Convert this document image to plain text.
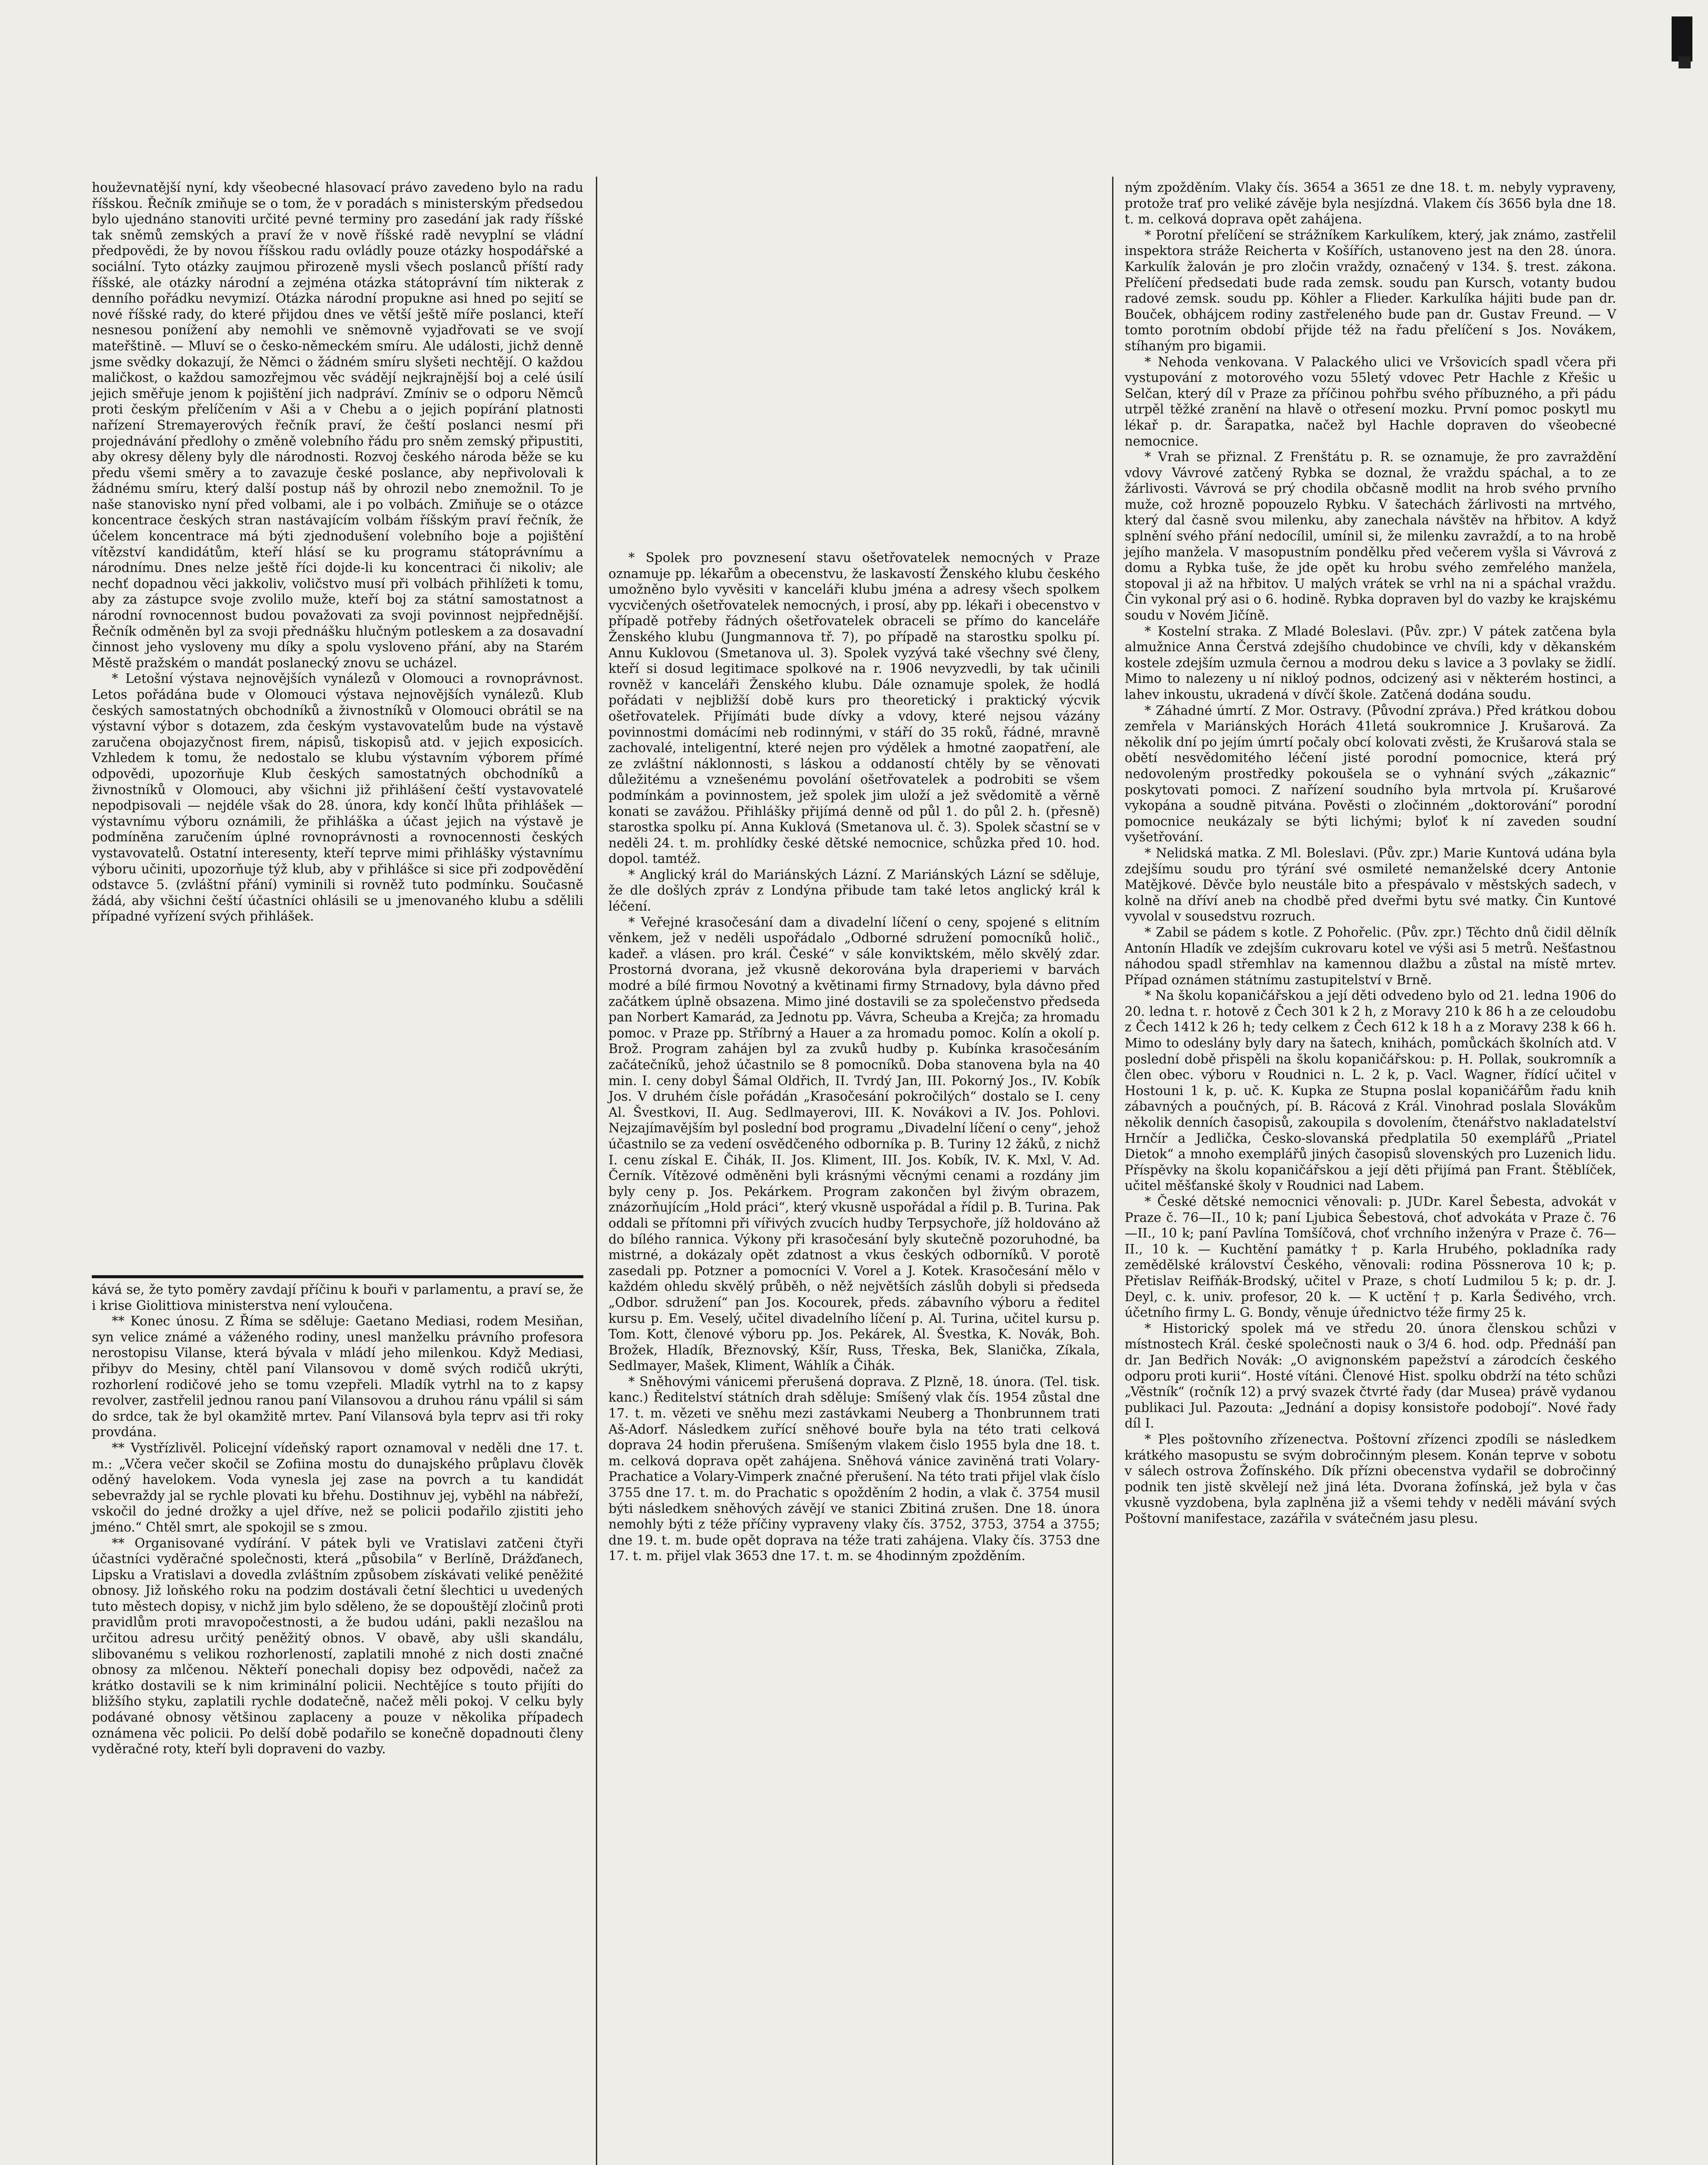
houževnatější nyní, kdy všeobecné hlasovací právo zavedeno bylo na radu říšskou. Řečník zmiňuje se o tom, že v poradách s ministerským předsedou bylo ujednáno stanoviti určité pevné terminy pro zasedání jak rady říšské tak sněmů zemských a praví že v nově říšské radě nevyplní se vládní předpovědi, že by novou říšskou radu ovládly pouze otázky hospodářské a sociální. Tyto otázky zaujmou přirozeně mysli všech poslanců příští rady říšské, ale otázky národní a zejména otázka státoprávní tím nikterak z denního pořádku nevymizí. Otázka národní propukne asi hned po sejití se nové říšské rady, do které přijdou dnes ve větší ještě míře poslanci, kteří nesnesou ponížení aby nemohli ve sněmovně vyjadřovati se ve svojí mateřštině. — Mluví se o česko-německém smíru. Ale události, jichž denně jsme svědky dokazují, že Němci o žádném smíru slyšeti nechtějí. O každou maličkost, o každou samozřejmou věc svádějí nejkrajnější boj a celé úsilí jejich směřuje jenom k pojištění jich nadpráví. Zmíniv se o odporu Němců proti českým přelíčením v Aši a v Chebu a o jejich popírání platnosti nařízení Stremayerových řečník praví, že čeští poslanci nesmí při projednávání předlohy o změně volebního řádu pro sněm zemský připustiti, aby okresy děleny byly dle národnosti. Rozvoj českého národa běže se ku předu všemi směry a to zavazuje české poslance, aby nepřivolovali k žádnému smíru, který další postup náš by ohrozil nebo znemožnil. To je naše stanovisko nyní před volbami, ale i po volbách. Zmiňuje se o otázce koncentrace českých stran nastávajícím volbám říšským praví řečník, že účelem koncentrace má býti zjednodušení volebního boje a pojištění vítězství kandidátům, kteří hlásí se ku programu státoprávnímu a národnímu. Dnes nelze ještě říci dojde-li ku koncentraci či nikoliv; ale nechť dopadnou věci jakkoliv, voličstvo musí při volbách přihlížeti k tomu, aby za zástupce svoje zvolilo muže, kteří boj za státní samostatnost a národní rovnocennost budou považovati za svoji povinnost nejpřednější. Řečník odměněn byl za svoji přednášku hlučným potleskem a za dosavadní činnost jeho vysloveny mu díky a spolu vysloveno přání, aby na Starém Městě pražském o mandát poslanecký znovu se ucházel.

* Letošní výstava nejnovějších vynálezů v Olomouci a rovnoprávnost. Letos pořádána bude v Olomouci výstava nejnovějších vynálezů. Klub českých samostatných obchodníků a živnostníků v Olomouci obrátil se na výstavní výbor s dotazem, zda českým vystavovatelům bude na výstavě zaručena obojazyčnost firem, nápisů, tiskopisů atd. v jejich exposicích. Vzhledem k tomu, že nedostalo se klubu výstavním výborem přímé odpovědi, upozorňuje Klub českých samostatných obchodníků a živnostníků v Olomouci, aby všichni již přihlášení čeští vystavovatelé nepodpisovali — nejdéle však do 28. února, kdy končí lhůta přihlášek — výstavnímu výboru oznámili, že přihláška a účast jejich na výstavě je podmíněna zaručením úplné rovnoprávnosti a rovnocennosti českých vystavovatelů. Ostatní interesenty, kteří teprve mimi přihlášky výstavnímu výboru učiniti, upozorňuje týž klub, aby v přihlášce si sice při zodpovědění odstavce 5. (zvláštní přání) vyminili si rovněž tuto podmínku. Současně žádá, aby všichni čeští účastníci ohlásili se u jmenovaného klubu a sdělili případné vyřízení svých přihlášek.

kává se, že tyto poměry zavdají příčinu k bouři v parlamentu, a praví se, že i krise Giolittiova ministerstva není vyloučena.

** Konec únosu. Z Říma se sděluje: Gaetano Mediasi, rodem Mesiňan, syn velice známé a váženého rodiny, unesl manželku právního profesora nerostopisu Vilanse, která bývala v mládí jeho milenkou. Když Mediasi, přibyv do Mesiny, chtěl paní Vilansovou v domě svých rodičů ukrýti, rozhorlení rodičové jeho se tomu vzepřeli. Mladík vytrhl na to z kapsy revolver, zastřelil jednou ranou paní Vilansovou a druhou ránu vpálil si sám do srdce, tak že byl okamžitě mrtev. Paní Vilansová byla teprv asi tři roky provdána.

** Vystřízlivěl. Policejní vídeňský raport oznamoval v neděli dne 17. t. m.: „Včera večer skočil se Zofiina mostu do dunajského průplavu člověk oděný havelokem. Voda vynesla jej zase na povrch a tu kandidát sebevraždy jal se rychle plovati ku břehu. Dostihnuv jej, vyběhl na nábřeží, vskočil do jedné drožky a ujel dříve, než se policii podařilo zjistiti jeho jméno.“ Chtěl smrt, ale spokojil se s zmou.

** Organisované vydírání. V pátek byli ve Vratislavi zatčeni čtyři účastníci vyděračné společnosti, která „působila“ v Berlíně, Drážďanech, Lipsku a Vratislavi a dovedla zvláštním způsobem získávati veliké peněžité obnosy. Již loňského roku na podzim dostávali četní šlechtici u uvedených tuto městech dopisy, v nichž jim bylo sděleno, že se dopouštějí zločinů proti pravidlům proti mravopočestnosti, a že budou udáni, pakli nezašlou na určitou adresu určitý peněžitý obnos. V obavě, aby ušli skandálu, slibovanému s velikou rozhorleností, zaplatili mnohé z nich dosti značné obnosy za mlčenou. Někteří ponechali dopisy bez odpovědi, načež za krátko dostavili se k nim kriminální policii. Nechtějíce s touto přijíti do bližšího styku, zaplatili rychle dodatečně, načež měli pokoj. V celku byly podávané obnosy většinou zaplaceny a pouze v několika případech oznámena věc policii. Po delší době podařilo se konečně dopadnouti členy vyděračné roty, kteří byli dopraveni do vazby.

* Spolek pro povznesení stavu ošetřovatelek nemocných v Praze oznamuje pp. lékařům a obecenstvu, že laskavostí Ženského klubu českého umožněno bylo vyvěsiti v kanceláři klubu jména a adresy všech spolkem vycvičených ošetřovatelek nemocných, i prosí, aby pp. lékaři i obecenstvo v případě potřeby řádných ošetřovatelek obraceli se přímo do kanceláře Ženského klubu (Jungmannova tř. 7), po případě na starostku spolku pí. Annu Kuklovou (Smetanova ul. 3). Spolek vyzývá také všechny své členy, kteří si dosud legitimace spolkové na r. 1906 nevyzvedli, by tak učinili rovněž v kanceláři Ženského klubu. Dále oznamuje spolek, že hodlá pořádati v nejbližší době kurs pro theoretický i praktický výcvik ošetřovatelek. Přijímáti bude dívky a vdovy, které nejsou vázány povinnostmi domácími neb rodinnými, v stáří do 35 roků, řádné, mravně zachovalé, inteligentní, které nejen pro výdělek a hmotné zaopatření, ale ze zvláštní náklonnosti, s láskou a oddaností chtěly by se věnovati důležitému a vznešenému povolání ošetřovatelek a podrobiti se všem podmínkám a povinnostem, jež spolek jim uloží a jež svědomitě a věrně konati se zavážou. Přihlášky přijímá denně od půl 1. do půl 2. h. (přesně) starostka spolku pí. Anna Kuklová (Smetanova ul. č. 3). Spolek sčastní se v neděli 24. t. m. prohlídky české dětské nemocnice, schůzka před 10. hod. dopol. tamtéž.

* Anglický král do Mariánských Lázní. Z Mariánských Lázní se sděluje, že dle došlých zpráv z Londýna přibude tam také letos anglický král k léčení.

* Veřejné krasočesání dam a divadelní líčení o ceny, spojené s elitním věnkem, jež v neděli uspořádalo „Odborné sdružení pomocníků holič., kadeř. a vlásen. pro král. České“ v sále konviktském, mělo skvělý zdar. Prostorná dvorana, jež vkusně dekorována byla draperiemi v barvách modré a bílé firmou Novotný a květinami firmy Strnadovy, byla dávno před začátkem úplně obsazena. Mimo jiné dostavili se za společenstvo předseda pan Norbert Kamarád, za Jednotu pp. Vávra, Scheuba a Krejča; za hromadu pomoc. v Praze pp. Stříbrný a Hauer a za hromadu pomoc. Kolín a okolí p. Brož. Program zahájen byl za zvuků hudby p. Kubínka krasočesáním začátečníků, jehož účastnilo se 8 pomocníků. Doba stanovena byla na 40 min. I. ceny dobyl Šámal Oldřich, II. Tvrdý Jan, III. Pokorný Jos., IV. Kobík Jos. V druhém čísle pořádán „Krasočesání pokročilých“ dostalo se I. ceny Al. Švestkovi, II. Aug. Sedlmayerovi, III. K. Novákovi a IV. Jos. Pohlovi. Nejzajímavějším byl poslední bod programu „Divadelní líčení o ceny“, jehož účastnilo se za vedení osvědčeného odborníka p. B. Turiny 12 žáků, z nichž I. cenu získal E. Čihák, II. Jos. Kliment, III. Jos. Kobík, IV. K. Mxl, V. Ad. Černík. Vítězové odměněni byli krásnými věcnými cenami a rozdány jim byly ceny p. Jos. Pekárkem. Program zakončen byl živým obrazem, znázorňujícím „Hold práci“, který vkusně uspořádal a řídil p. B. Turina. Pak oddali se přítomni při vířivých zvucích hudby Terpsychoře, jíž holdováno až do bílého rannica. Výkony při krasočesání byly skutečně pozoruhodné, ba mistrné, a dokázaly opět zdatnost a vkus českých odborníků. V porotě zasedali pp. Potzner a pomocníci V. Vorel a J. Kotek. Krasočesání mělo v každém ohledu skvělý průběh, o něž největších záslůh dobyli si předseda „Odbor. sdružení“ pan Jos. Kocourek, předs. zábavního výboru a ředitel kursu p. Em. Veselý, učitel divadelního líčení p. Al. Turina, učitel kursu p. Tom. Kott, členové výboru pp. Jos. Pekárek, Al. Švestka, K. Novák, Boh. Brožek, Hladík, Březnovský, Kšír, Russ, Třeska, Bek, Slanička, Zíkala, Sedlmayer, Mašek, Kliment, Wáhlík a Čihák.

* Sněhovými vánicemi přerušená doprava. Z Plzně, 18. února. (Tel. tisk. kanc.) Ředitelství státních drah sděluje: Smíšený vlak čís. 1954 zůstal dne 17. t. m. vězeti ve sněhu mezi zastávkami Neuberg a Thonbrunnem trati Aš-Adorf. Následkem zuřící sněhové bouře byla na této trati celková doprava 24 hodin přerušena. Smíšeným vlakem čislo 1955 byla dne 18. t. m. celková doprava opět zahájena. Sněhová vánice zaviněná trati Volary-Prachatice a Volary-Vimperk značné přerušení. Na této trati přijel vlak číslo 3755 dne 17. t. m. do Prachatic s opožděním 2 hodin, a vlak č. 3754 musil býti následkem sněhových závějí ve stanici Zbitiná zrušen. Dne 18. února nemohly býti z téže příčiny vypraveny vlaky čís. 3752, 3753, 3754 a 3755; dne 19. t. m. bude opět doprava na téže trati zahájena. Vlaky čís. 3753 dne 17. t. m. přijel vlak 3653 dne 17. t. m. se 4hodinným zpožděním.

ným zpožděním. Vlaky čís. 3654 a 3651 ze dne 18. t. m. nebyly vypraveny, protože trať pro veliké závěje byla nesjízdná. Vlakem čís 3656 byla dne 18. t. m. celková doprava opět zahájena.

* Porotní přelíčení se strážníkem Karkulíkem, který, jak známo, zastřelil inspektora stráže Reicherta v Košířích, ustanoveno jest na den 28. února. Karkulík žalován je pro zločin vraždy, označený v 134. §. trest. zákona. Přelíčení předsedati bude rada zemsk. soudu pan Kursch, votanty budou radové zemsk. soudu pp. Köhler a Flieder. Karkulíka hájiti bude pan dr. Bouček, obhájcem rodiny zastřeleného bude pan dr. Gustav Freund. — V tomto porotním období přijde též na řadu přelíčení s Jos. Novákem, stíhaným pro bigamii.

* Nehoda venkovana. V Palackého ulici ve Vršovicích spadl včera při vystupování z motorového vozu 55letý vdovec Petr Hachle z Křešic u Selčan, který díl v Praze za příčinou pohřbu svého příbuzného, a při pádu utrpěl těžké zranění na hlavě o otřesení mozku. První pomoc poskytl mu lékař p. dr. Šarapatka, načež byl Hachle dopraven do všeobecné nemocnice.

* Vrah se přiznal. Z Frenštátu p. R. se oznamuje, že pro zavraždění vdovy Vávrové zatčený Rybka se doznal, že vraždu spáchal, a to ze žárlivosti. Vávrová se prý chodila občasně modlit na hrob svého prvního muže, což hrozně popouzelo Rybku. V šatechách žárlivosti na mrtvého, který dal časně svou milenku, aby zanechala návštěv na hřbitov. A když splnění svého přání nedocílil, umínil si, že milenku zavraždí, a to na hrobě jejího manžela. V masopustním pondělku před večerem vyšla si Vávrová z domu a Rybka tuše, že jde opět ku hrobu svého zemřelého manžela, stopoval ji až na hřbitov. U malých vrátek se vrhl na ni a spáchal vraždu. Čin vykonal prý asi o 6. hodině. Rybka dopraven byl do vazby ke krajskému soudu v Novém Jičíně.

* Kostelní straka. Z Mladé Boleslavi. (Pův. zpr.) V pátek zatčena byla almužnice Anna Čerstvá zdejšího chudobince ve chvíli, kdy v děkanském kostele zdejším uzmula černou a modrou deku s lavice a 3 povlaky se židlí. Mimo to nalezeny u ní nikloý podnos, odcizený asi v některém hostinci, a lahev inkoustu, ukradená v dívčí škole. Zatčená dodána soudu.

* Záhadné úmrtí. Z Mor. Ostravy. (Původní zpráva.) Před krátkou dobou zemřela v Mariánských Horách 41letá soukromnice J. Krušarová. Za několik dní po jejím úmrtí počaly obcí kolovati zvěsti, že Krušarová stala se obětí nesvědomitého léčení jisté porodní pomocnice, která prý nedovoleným prostředky pokoušela se o vyhnání svých „zákaznic“ poskytovati pomoci. Z nařízení soudního byla mrtvola pí. Krušarové vykopána a soudně pitvána. Pověsti o zločinném „doktorování“ porodní pomocnice neukázaly se býti lichými; byloť k ní zaveden soudní vyšetřování.

* Nelidská matka. Z Ml. Boleslavi. (Pův. zpr.) Marie Kuntová udána byla zdejšímu soudu pro týrání své osmileté nemanželské dcery Antonie Matějkové. Děvče bylo neustále bito a přespávalo v městských sadech, v kolně na dříví aneb na chodbě před dveřmi bytu své matky. Čin Kuntové vyvolal v sousedstvu rozruch.

* Zabil se pádem s kotle. Z Pohořelic. (Pův. zpr.) Těchto dnů čidil dělník Antonín Hladík ve zdejším cukrovaru kotel ve výši asi 5 metrů. Nešťastnou náhodou spadl střemhlav na kamennou dlažbu a zůstal na místě mrtev. Případ oznámen státnímu zastupitelství v Brně.

* Na školu kopaničářskou a její děti odvedeno bylo od 21. ledna 1906 do 20. ledna t. r. hotově z Čech 301 k 2 h, z Moravy 210 k 86 h a ze celoudobu z Čech 1412 k 26 h; tedy celkem z Čech 612 k 18 h a z Moravy 238 k 66 h. Mimo to odeslány byly dary na šatech, knihách, pomůckách školních atd. V poslední době přispěli na školu kopaničářskou: p. H. Pollak, soukromník a člen obec. výboru v Roudnici n. L. 2 k, p. Vacl. Wagner, řídící učitel v Hostouni 1 k, p. uč. K. Kupka ze Stupna poslal kopaničářům řadu knih zábavných a poučných, pí. B. Rácová z Král. Vinohrad poslala Slovákům několik denních časopisů, zakoupila s dovolením, čtenářstvo nakladatelství Hrnčír a Jedlička, Česko-slovanská předplatila 50 exemplářů „Priatel Dietok“ a mnoho exemplářů jiných časopisů slovenských pro Luzenich lidu. Příspěvky na školu kopaničářskou a její děti přijímá pan Frant. Štěblíček, učitel měšťanské školy v Roudnici nad Labem.

* České dětské nemocnici věnovali: p. JUDr. Karel Šebesta, advokát v Praze č. 76—II., 10 k; paní Ljubica Šebestová, choť advokáta v Praze č. 76—II., 10 k; paní Pavlína Tomšíčová, choť vrchního inženýra v Praze č. 76—II., 10 k. — Kuchtění památky † p. Karla Hrubého, pokladníka rady zemědělské království Českého, věnovali: rodina Pössnerova 10 k; p. Přetislav Reifňák-Brodský, učitel v Praze, s chotí Ludmilou 5 k; p. dr. J. Deyl, c. k. univ. profesor, 20 k. — K uctění † p. Karla Šedivého, vrch. účetního firmy L. G. Bondy, věnuje úřednictvo téže firmy 25 k.

* Historický spolek má ve středu 20. února členskou schůzi v místnostech Král. české společnosti nauk o 3/4 6. hod. odp. Přednáší pan dr. Jan Bedřich Novák: „O avignonském papežství a zárodcích českého odporu proti kurii“. Hosté vítáni. Členové Hist. spolku obdrží na této schůzi „Věstník“ (ročník 12) a prvý svazek čtvrté řady (dar Musea) právě vydanou publikaci Jul. Pazouta: „Jednání a dopisy konsistoře podobojí“. Nové řady díl I.

* Ples poštovního zřízenectva. Poštovní zřízenci zpodíli se následkem krátkého masopustu se svým dobročinným plesem. Konán teprve v sobotu v sálech ostrova Žofínského. Dík přízni obecenstva vydařil se dobročinný podnik ten jistě skvělejí než jiná léta. Dvorana žofínská, jež byla v čas vkusně vyzdobena, byla zaplněna již a všemi tehdy v neděli mávání svých Poštovní manifestace, zazářila v svátečném jasu plesu.
